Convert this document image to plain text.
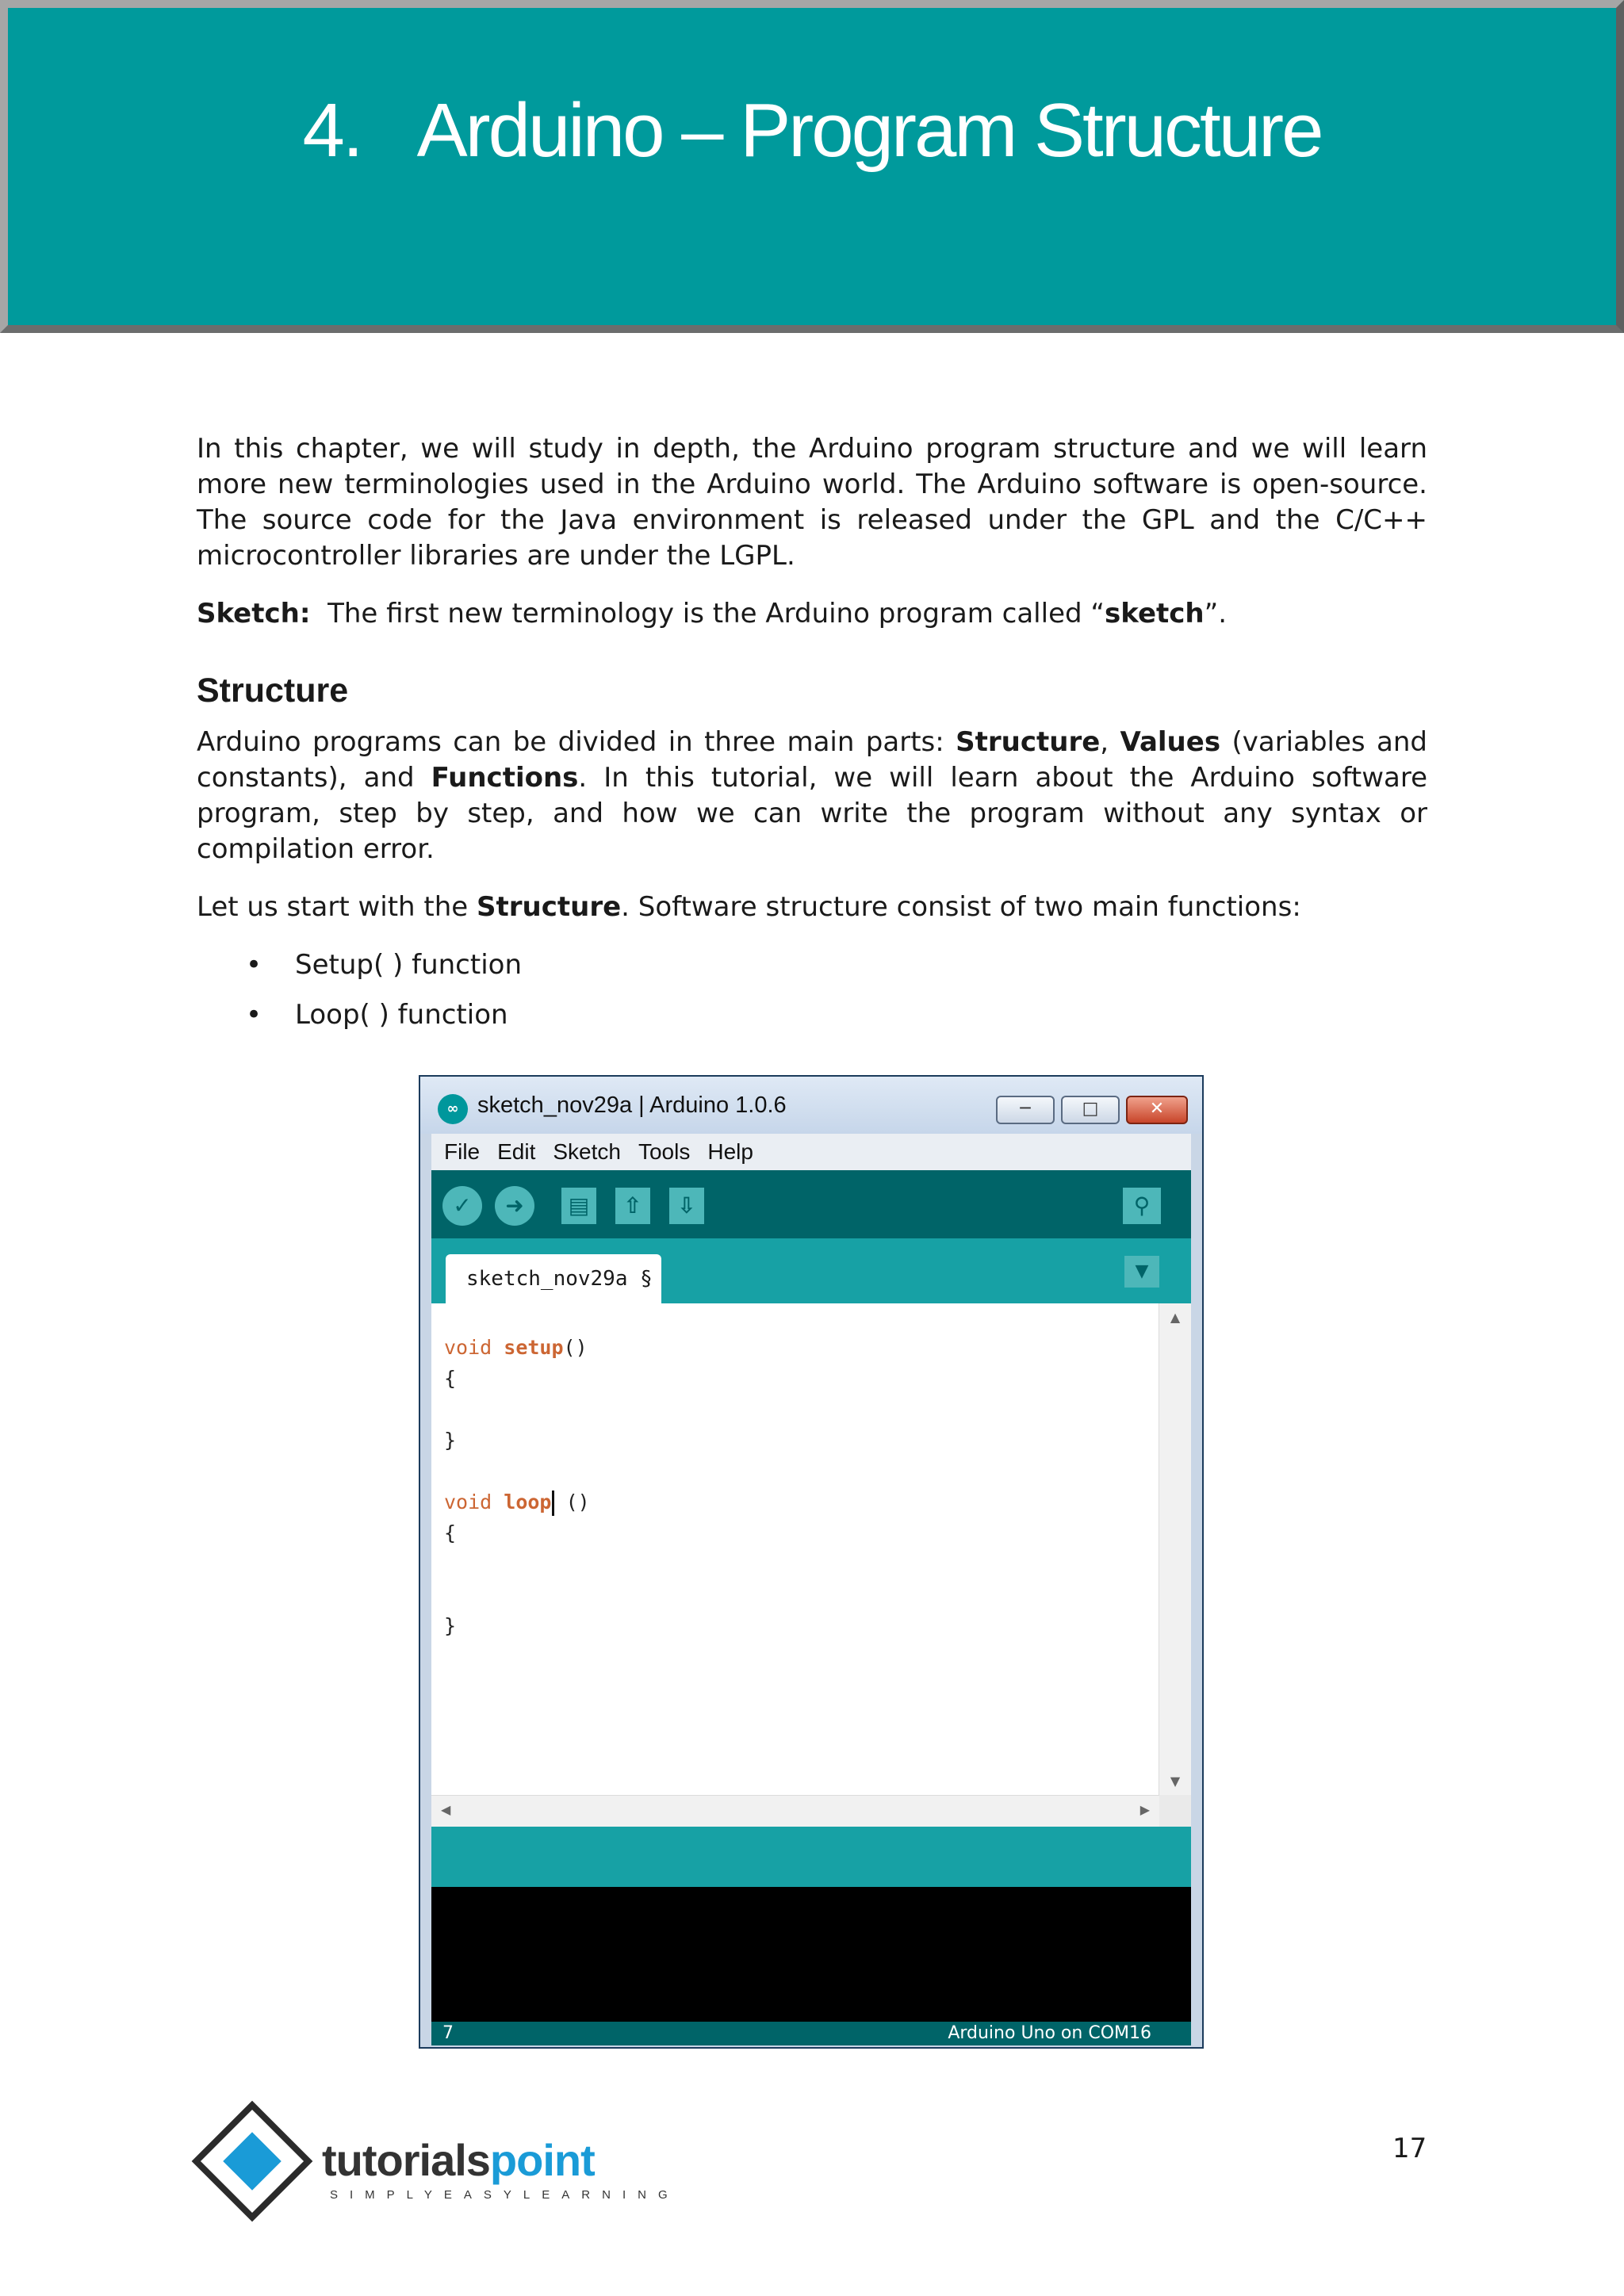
4. Arduino – Program Structure

In this chapter, we will study in depth, the Arduino program structure and we will learn more new terminologies used in the Arduino world. The Arduino software is open-source. The source code for the Java environment is released under the GPL and the C/C++ microcontroller libraries are under the LGPL.

Sketch: The first new terminology is the Arduino program called “sketch”.

Structure

Arduino programs can be divided in three main parts: Structure, Values (variables and constants), and Functions. In this tutorial, we will learn about the Arduino software program, step by step, and how we can write the program without any syntax or compilation error.

Let us start with the Structure. Software structure consist of two main functions:

• Setup( ) function
• Loop( ) function
∞ sketch_nov29a | Arduino 1.0.6	─	□	✕
File Edit Sketch Tools Help
✓	➜	▤	⇧	⇩	⚲
sketch_nov29a §	▼
void setup()
{

}

void loop ()
{

}
▲
▼
◀	▶
7	Arduino Uno on COM16
tutorialspoint
SIMPLYEASYLEARNING
17
